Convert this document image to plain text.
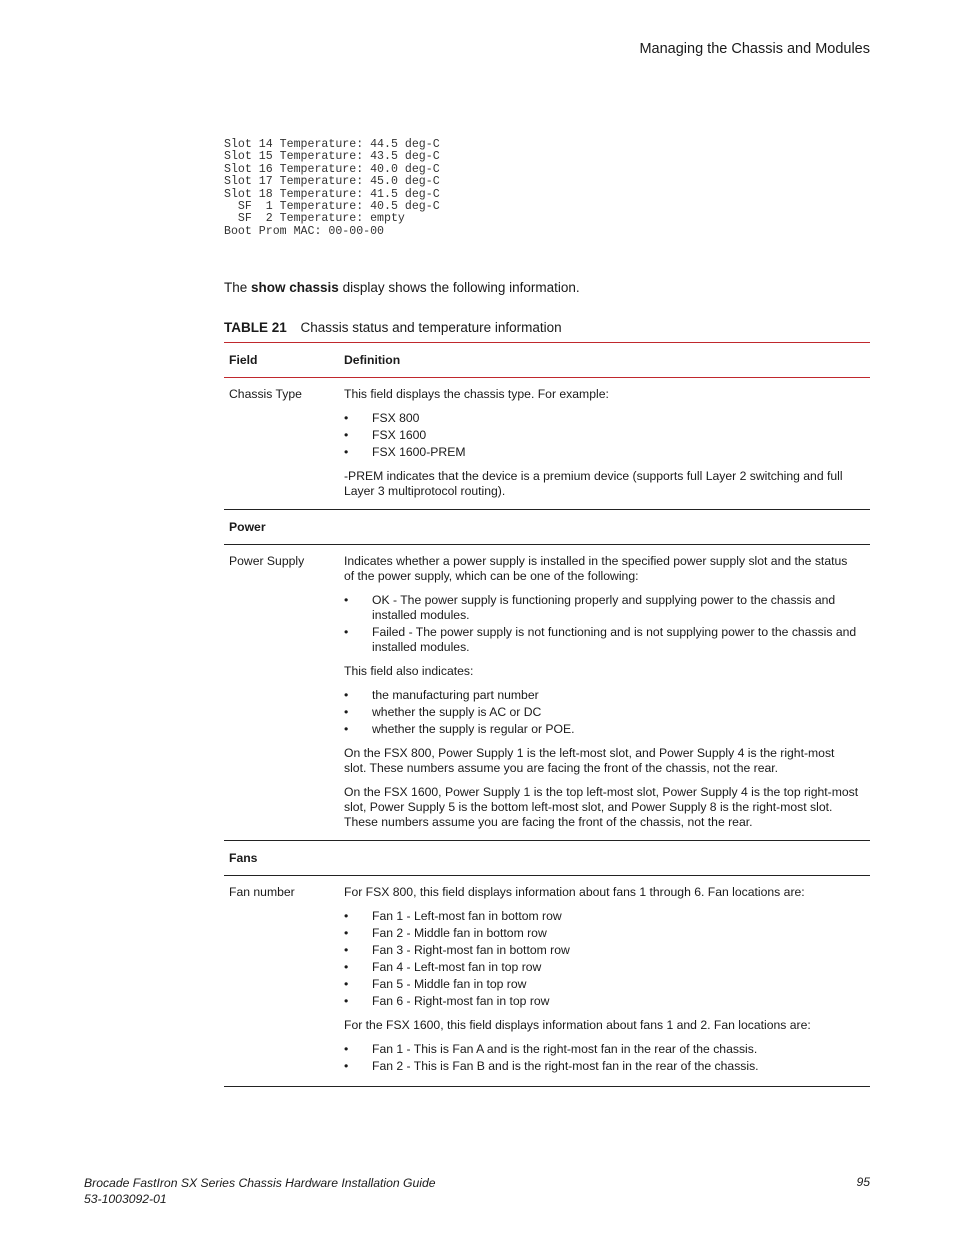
Managing the Chassis and Modules
Slot 14 Temperature: 44.5 deg-C
Slot 15 Temperature: 43.5 deg-C
Slot 16 Temperature: 40.0 deg-C
Slot 17 Temperature: 45.0 deg-C
Slot 18 Temperature: 41.5 deg-C
SF  1 Temperature: 40.5 deg-C
SF  2 Temperature: empty
Boot Prom MAC: 00-00-00
The show chassis display shows the following information.
TABLE 21 Chassis status and temperature information
Field	Definition
Chassis Type	This field displays the chassis type. For example:

• FSX 800
• FSX 1600
• FSX 1600-PREM

-PREM indicates that the device is a premium device (supports full Layer 2 switching and full Layer 3 multiprotocol routing).

Power
Power Supply	Indicates whether a power supply is installed in the specified power supply slot and the status of the power supply, which can be one of the following:

• OK - The power supply is functioning properly and supplying power to the chassis and installed modules.
• Failed - The power supply is not functioning and is not supplying power to the chassis and installed modules.

This field also indicates:

• the manufacturing part number
• whether the supply is AC or DC
• whether the supply is regular or POE.

On the FSX 800, Power Supply 1 is the left-most slot, and Power Supply 4 is the right-most slot. These numbers assume you are facing the front of the chassis, not the rear.

On the FSX 1600, Power Supply 1 is the top left-most slot, Power Supply 4 is the top right-most slot, Power Supply 5 is the bottom left-most slot, and Power Supply 8 is the right-most slot. These numbers assume you are facing the front of the chassis, not the rear.

Fans
Fan number	For FSX 800, this field displays information about fans 1 through 6. Fan locations are:

• Fan 1 - Left-most fan in bottom row
• Fan 2 - Middle fan in bottom row
• Fan 3 - Right-most fan in bottom row
• Fan 4 - Left-most fan in top row
• Fan 5 - Middle fan in top row
• Fan 6 - Right-most fan in top row

For the FSX 1600, this field displays information about fans 1 and 2. Fan locations are:

• Fan 1 - This is Fan A and is the right-most fan in the rear of the chassis.
• Fan 2 - This is Fan B and is the right-most fan in the rear of the chassis.
Brocade FastIron SX Series Chassis Hardware Installation Guide
53-1003092-01
95
